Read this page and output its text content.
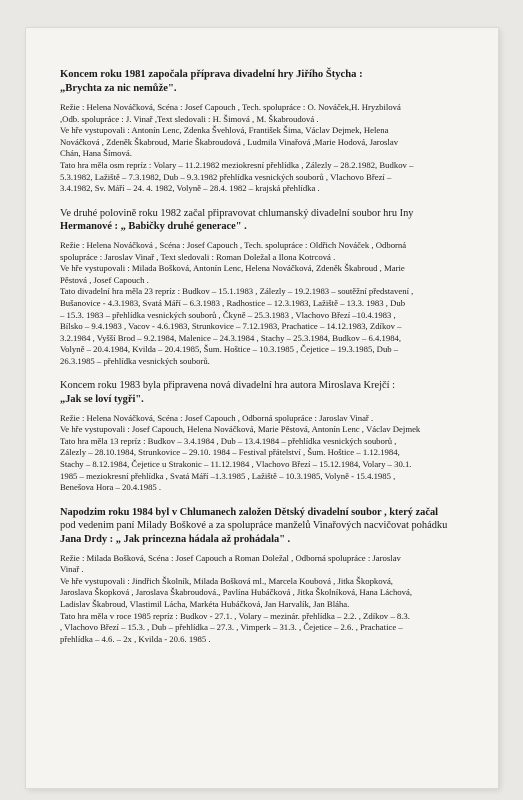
Koncem roku 1981 započala příprava divadelní hry Jiřího Štycha :
„Brychta za nic nemůže".

Režie : Helena Nováčková, Scéna : Josef Capouch , Tech. spolupráce : O. Nováček,H. Hryzbilová

,Odb. spolupráce : J. Vinař ,Text sledovali : H. Šimová , M. Škabroudová .

Ve hře vystupovali : Antonín Lenc, Zdenka Švehlová, František Šima, Václav Dejmek, Helena

Nováčková , Zdeněk Škabroud, Marie Škabroudová , Ludmila Vinařová ,Marie Hodová, Jaroslav

Chán, Hana Šímová.

Tato hra měla osm repríz : Volary – 11.2.1982 meziokresní přehlídka , Zálezly – 28.2.1982, Budkov –

5.3.1982, Lažiště – 7.3.1982, Dub – 9.3.1982 přehlídka vesnických souborů , Vlachovo Březí –

3.4.1982, Sv. Máří – 24. 4. 1982, Volyně – 28.4. 1982 – krajská přehlídka .

Ve druhé polovině roku 1982 začal připravovat chlumanský divadelní soubor hru Iny
Hermanové : „ Babičky druhé generace" .

Režie : Helena Nováčková , Scéna : Josef Capouch , Tech. spolupráce : Oldřich Nováček , Odborná

spolupráce : Jaroslav Vinař , Text sledovali : Roman Doležal a Ilona Kotrcová .

Ve hře vystupovali : Milada Bošková, Antonín Lenc, Helena Nováčková, Zdeněk Škabroud , Marie

Pěstová , Josef Capouch .

Tato divadelní hra měla 23 repríz : Budkov – 15.1.1983 , Zálezly – 19.2.1983 – soutěžní představení ,

Bušanovice - 4.3.1983, Svatá Máří – 6.3.1983 , Radhostice – 12.3.1983, Lažiště – 13.3. 1983 , Dub

– 15.3. 1983 – přehlídka vesnických souborů , Čkyně – 25.3.1983 , Vlachovo Březí –10.4.1983 ,

Bílsko – 9.4.1983 , Vacov - 4.6.1983, Strunkovice – 7.12.1983, Prachatice – 14.12.1983, Zdíkov –

3.2.1984 , Vyšší Brod – 9.2.1984, Malenice – 24.3.1984 , Stachy – 25.3.1984, Budkov – 6.4.1984,

Volyně – 20.4.1984, Kvilda – 20.4.1985, Šum. Hoštice – 10.3.1985 , Čejetice – 19.3.1985, Dub –

26.3.1985 – přehlídka vesnických souborů.

Koncem roku 1983 byla připravena nová divadelní hra autora Miroslava Krejčí :
„Jak se loví tygři".

Režie : Helena Nováčková, Scéna : Josef Capouch , Odborná spolupráce : Jaroslav Vinař .

Ve hře vystupovali : Josef Capouch, Helena Nováčková, Marie Pěstová, Antonín Lenc , Václav Dejmek

Tato hra měla 13 repríz : Budkov – 3.4.1984 , Dub – 13.4.1984 – přehlídka vesnických souborů ,

Zálezly – 28.10.1984, Strunkovice – 29.10. 1984 – Festival přátelství , Šum. Hoštice – 1.12.1984,

Stachy – 8.12.1984, Čejetice u Strakonic – 11.12.1984 , Vlachovo Březí – 15.12.1984, Volary – 30.1.

1985 – meziokresní přehlídka , Svatá Máří –1.3.1985 , Lažiště – 10.3.1985, Volyně - 15.4.1985 ,

Benešova Hora – 20.4.1985 .

Napodzim roku 1984 byl v Chlumanech založen Dětský divadelní soubor , který začal
pod vedenim paní Milady Boškové a za spolupráce manželů Vinařových nacvičovat pohádku
Jana Drdy : „ Jak princezna hádala až prohádala" .

Režie : Milada Bošková, Scéna : Josef Capouch a Roman Doležal , Odborná spolupráce : Jaroslav

Vinař .

Ve hře vystupovali : Jindřich Školník, Milada Bošková ml., Marcela Koubová , Jitka Škopková,

Jaroslava Škopková , Jaroslava Škabroudová., Pavlína Hubáčková , Jitka Školníková, Hana Láchová,

Ladislav Škabroud, Vlastimil Lácha, Markéta Hubáčková, Jan Harvalík, Jan Bláha.

Tato hra měla v roce 1985 repríz : Budkov - 27.1. , Volary – mezinár. přehlídka – 2.2. , Zdíkov – 8.3.

, Vlachovo Březí – 15.3. , Dub – přehlídka – 27.3. , Vimperk – 31.3. , Čejetice – 2.6. , Prachatice –

přehlídka – 4.6. – 2x , Kvilda - 20.6. 1985 .
